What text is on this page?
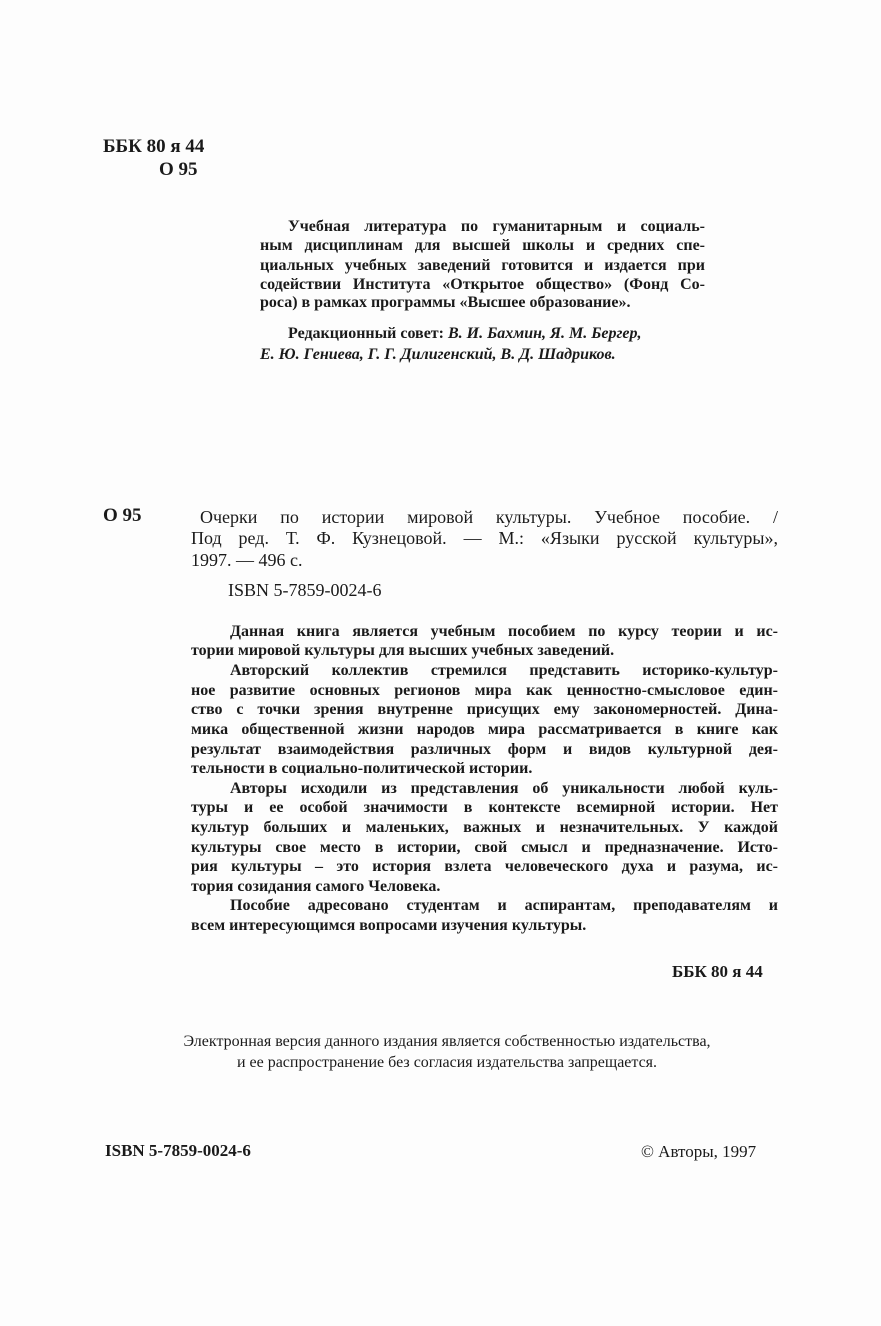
ББК 80 я 44
О 95
Учебная литература по гуманитарным и социаль-
ным дисциплинам для высшей школы и средних спе-
циальных учебных заведений готовится и издается при
содействии Института «Открытое общество» (Фонд Со-
роса) в рамках программы «Высшее образование».
Редакционный совет: В. И. Бахмин, Я. М. Бергер,
Е. Ю. Гениева, Г. Г. Дилигенский, В. Д. Шадриков.
О 95	Очерки по истории мировой культуры. Учебное пособие. /
Под ред. Т. Ф. Кузнецовой. — М.: «Языки русской культуры»,
1997. — 496 с.
ISBN 5-7859-0024-6
Данная книга является учебным пособием по курсу теории и ис-
тории мировой культуры для высших учебных заведений.
Авторский коллектив стремился представить историко-культур-
ное развитие основных регионов мира как ценностно-смысловое един-
ство с точки зрения внутренне присущих ему закономерностей. Дина-
мика общественной жизни народов мира рассматривается в книге как
результат взаимодействия различных форм и видов культурной дея-
тельности в социально-политической истории.
Авторы исходили из представления об уникальности любой куль-
туры и ее особой значимости в контексте всемирной истории. Нет
культур больших и маленьких, важных и незначительных. У каждой
культуры свое место в истории, свой смысл и предназначение. Исто-
рия культуры – это история взлета человеческого духа и разума, ис-
тория созидания самого Человека.
Пособие адресовано студентам и аспирантам, преподавателям и
всем интересующимся вопросами изучения культуры.
ББК 80 я 44
Электронная версия данного издания является собственностью издательства,
и ее распространение без согласия издательства запрещается.
ISBN 5-7859-0024-6	© Авторы, 1997
